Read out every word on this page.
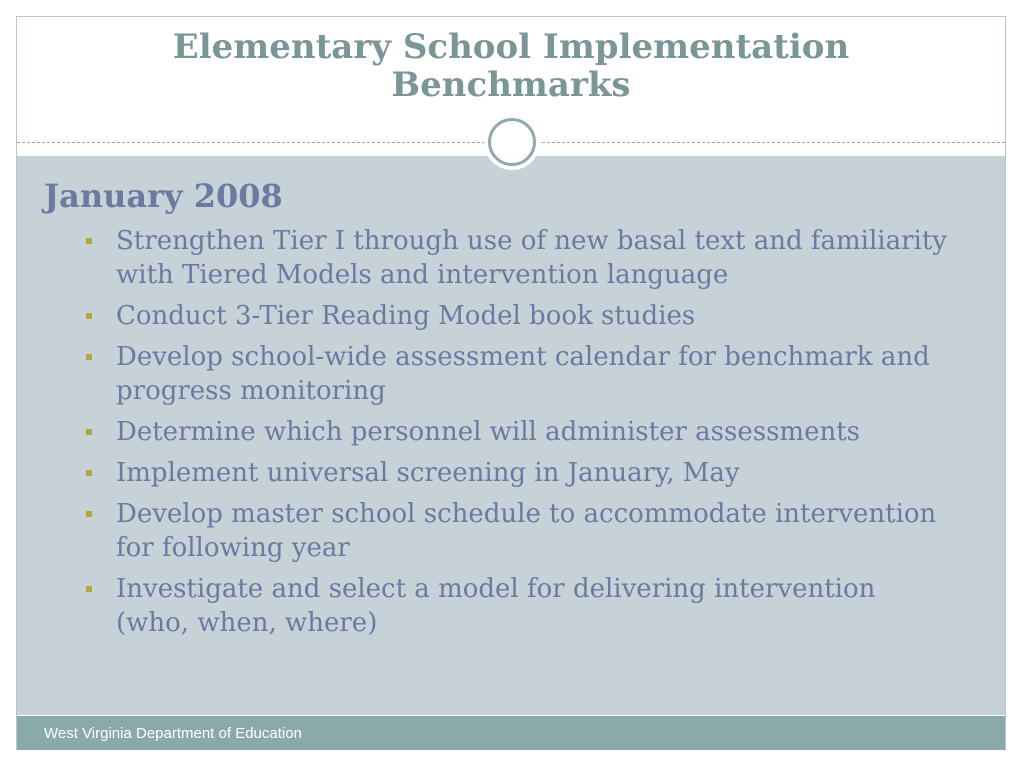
Elementary School Implementation
Benchmarks
January 2008
Strengthen Tier I through use of new basal text and familiarity
with Tiered Models and intervention language
Conduct 3-Tier Reading Model book studies
Develop school-wide assessment calendar for benchmark and
progress monitoring
Determine which personnel will administer assessments
Implement universal screening in January, May
Develop master school schedule to accommodate intervention
for following year
Investigate and select a model for delivering intervention
(who, when, where)
West Virginia Department of Education
